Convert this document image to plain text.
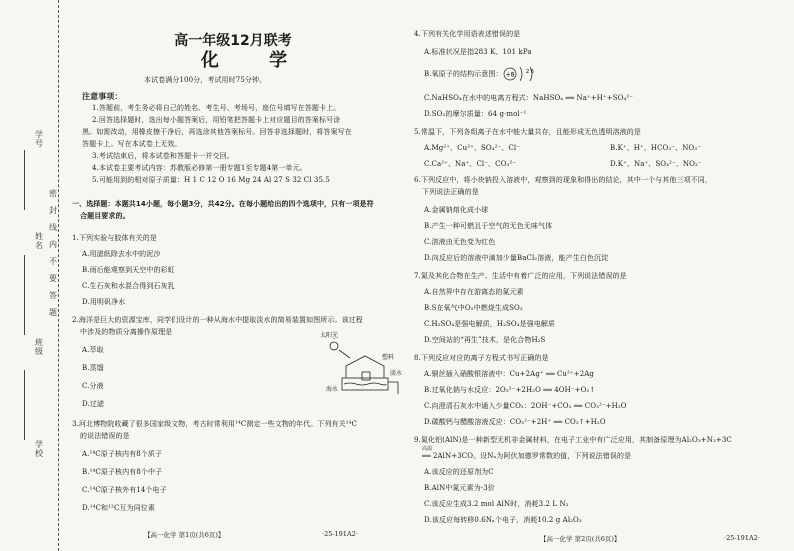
学号
姓名
班级
学校
密 封 线 内 不 要 答 题
高一年级12月联考
化 学
本试卷满分100分，考试用时75分钟。
注意事项：
1.答题前，考生务必将自己的姓名、考生号、考场号、座位号填写在答题卡上。
2.回答选择题时，选出每小题答案后，用铅笔把答题卡上对应题目的答案标号涂
黑。如需改动，用橡皮擦干净后，再选涂其他答案标号。回答非选择题时，将答案写在
答题卡上。写在本试卷上无效。
3.考试结束后，将本试卷和答题卡一并交回。
4.本试卷主要考试内容：苏教版必修第一册专题1至专题4第一单元。
5.可能用到的相对原子质量：H 1 C 12 O 16 Mg 24 Al 27 S 32 Cl 35.5
一、选择题：本题共14小题，每小题3分，共42分。在每小题给出的四个选项中，只有一项是符
合题目要求的。
1.下列实验与胶体有关的是
A.用滤纸除去水中的泥沙
B.雨后能观察到天空中的彩虹
C.生石灰和水混合得到石灰乳
D.用明矾净水
2.海洋是巨大的资源宝库，同学们设计的一种从海水中提取淡水的简易装置如图所示。该过程
中涉及的物质分离操作原理是
A.萃取
B.蒸馏
C.分液
D.过滤
太阳光
塑料
海水
淡水
3.河北博物院收藏了很多国家级文物，考古时常利用¹⁴C测定一些文物的年代。下列有关¹⁴C
的说法错误的是
A.¹⁴C原子核内有8个质子
B.¹⁴C原子核内有8个中子
C.¹⁴C原子核外有14个电子
D.¹⁴C和¹²C互为同位素
【高一化学 第1页(共6页)】	·25-191A2·
4.下列有关化学用语表述错误的是
A.标准状况是指283 K、101 kPa
B.氧原子的结构示意图： +8 2 6
C.NaHSO₄在水中的电离方程式：NaHSO₄ ══ Na⁺+H⁺+SO₄²⁻
D.SO₂的摩尔质量：64 g·mol⁻¹
5.常温下，下列各组离子在水中能大量共存，且能形成无色透明溶液的是
A.Mg²⁺、Cu²⁺、SO₄²⁻、Cl⁻	B.K⁺、H⁺、HCO₃⁻、NO₃⁻
C.Ca²⁺、Na⁺、Cl⁻、CO₃²⁻	D.K⁺、Na⁺、SO₄²⁻、NO₃⁻
6.下列反应中，将小块钠投入溶液中，观察到的现象和得出的结论，其中一个与其他三项不同，
下列说法正确的是
A.金属钠熔化成小球
B.产生一种可燃且于空气的无色无味气体
C.溶液由无色变为红色
D.向反应后的溶液中滴加少量BaCl₂溶液，能产生白色沉淀
7.氮及其化合物在生产、生活中有着广泛的应用，下列说法错误的是
A.自然界中存在游离态的氮元素
B.S在氧气中O₂中燃烧生成SO₃
C.H₂SO₄是强电解质，H₂SO₄是强电解质
D.空间站的“再生”技术，是化合物H₂S
8.下列反应对应的离子方程式书写正确的是
A.铜丝插入硝酸银溶液中：Cu+2Ag⁺ ══ Cu²⁺+2Ag
B.过氧化钠与水反应：2O₂²⁻+2H₂O ══ 4OH⁻+O₂↑
C.向澄清石灰水中通入少量CO₂：2OH⁻+CO₂ ══ CO₃²⁻+H₂O
D.碳酸钙与醋酸溶液反应：CO₃²⁻+2H⁺ ══ CO₂↑+H₂O
9.氮化铝(AlN)是一种新型无机非金属材料，在电子工业中有广泛应用，其制备原理为Al₂O₃+N₂+3C
══ 2AlN+3CO。设Nₐ为阿伏加德罗常数的值，下列说法错误的是
高温
A.该反应的还原剂为C
B.AlN中氮元素为-3价
C.该反应生成3.2 mol AlN时，消耗3.2 L N₂
D.该反应每转移0.6Nₐ个电子，消耗10.2 g Al₂O₃
【高一化学 第2页(共6页)】	·25-191A2·
